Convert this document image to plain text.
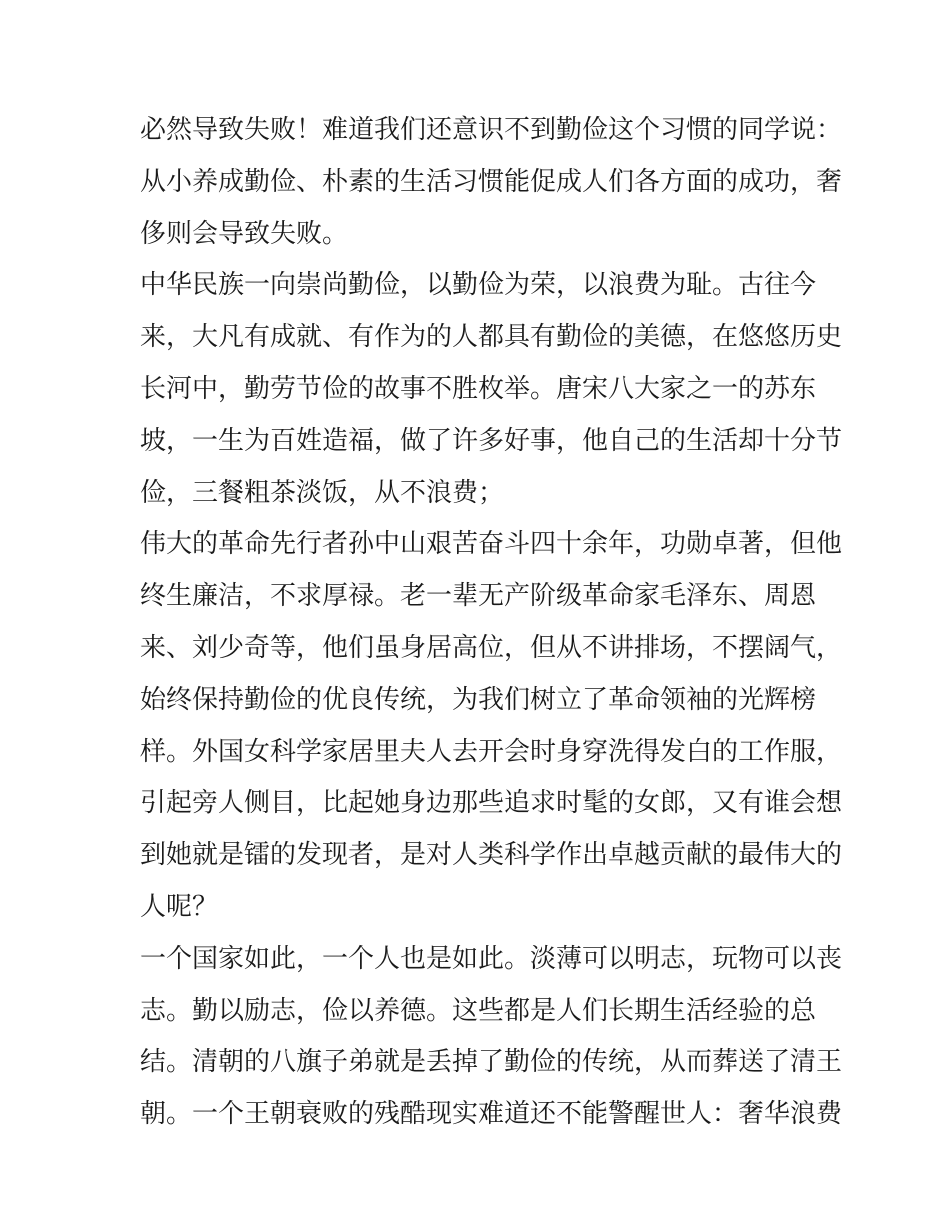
必然导致失败！难道我们还意识不到勤俭这个习惯的同学说：
从小养成勤俭、朴素的生活习惯能促成人们各方面的成功，奢
侈则会导致失败。
中华民族一向崇尚勤俭，以勤俭为荣，以浪费为耻。古往今
来，大凡有成就、有作为的人都具有勤俭的美德，在悠悠历史
长河中，勤劳节俭的故事不胜枚举。唐宋八大家之一的苏东
坡，一生为百姓造福，做了许多好事，他自己的生活却十分节
俭，三餐粗茶淡饭，从不浪费；
伟大的革命先行者孙中山艰苦奋斗四十余年，功勋卓著，但他
终生廉洁，不求厚禄。老一辈无产阶级革命家毛泽东、周恩
来、刘少奇等，他们虽身居高位，但从不讲排场，不摆阔气，
始终保持勤俭的优良传统，为我们树立了革命领袖的光辉榜
样。外国女科学家居里夫人去开会时身穿洗得发白的工作服，
引起旁人侧目，比起她身边那些追求时髦的女郎，又有谁会想
到她就是镭的发现者，是对人类科学作出卓越贡献的最伟大的
人呢？
一个国家如此，一个人也是如此。淡薄可以明志，玩物可以丧
志。勤以励志，俭以养德。这些都是人们长期生活经验的总
结。清朝的八旗子弟就是丢掉了勤俭的传统，从而葬送了清王
朝。一个王朝衰败的残酷现实难道还不能警醒世人：奢华浪费
